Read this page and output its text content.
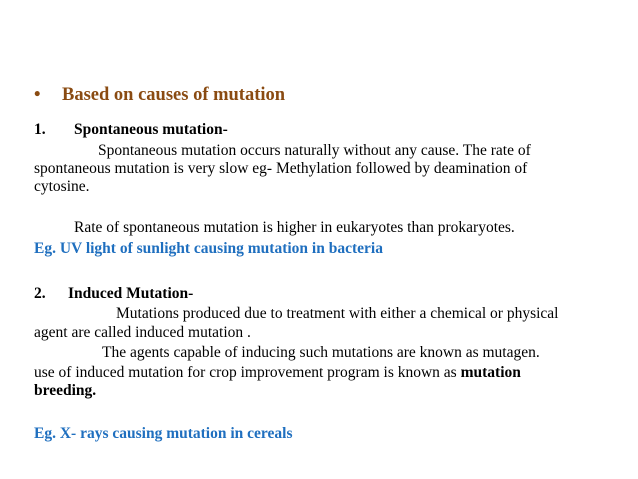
• Based on causes of mutation
1. Spontaneous mutation-
Spontaneous mutation occurs naturally without any cause. The rate of
spontaneous mutation is very slow eg- Methylation followed by deamination of
cytosine.
Rate of spontaneous mutation is higher in eukaryotes than prokaryotes.
Eg. UV light of sunlight causing mutation in bacteria
2. Induced Mutation-
Mutations produced due to treatment with either a chemical or physical
agent are called induced mutation .
The agents capable of inducing such mutations are known as mutagen.
use of induced mutation for crop improvement program is known as mutation
breeding.
Eg. X- rays causing mutation in cereals
